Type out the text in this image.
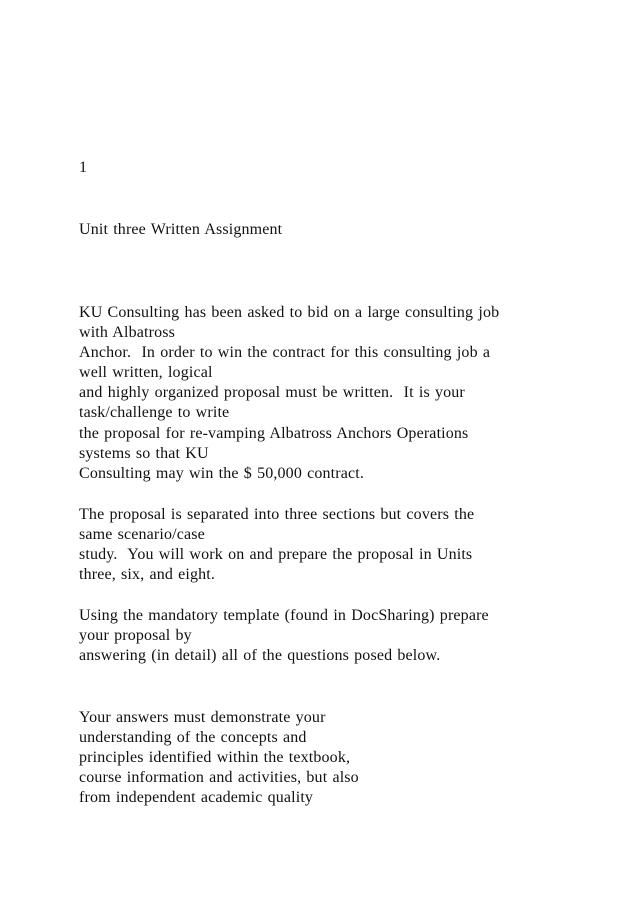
1

Unit three Written Assignment

KU Consulting has been asked to bid on a large consulting job

with Albatross

Anchor.  In order to win the contract for this consulting job a

well written, logical

and highly organized proposal must be written.  It is your

task/challenge to write

the proposal for re-vamping Albatross Anchors Operations

systems so that KU

Consulting may win the $ 50,000 contract.

The proposal is separated into three sections but covers the

same scenario/case

study.  You will work on and prepare the proposal in Units

three, six, and eight.

Using the mandatory template (found in DocSharing) prepare

your proposal by

answering (in detail) all of the questions posed below.

Your answers must demonstrate your

understanding of the concepts and

principles identified within the textbook,

course information and activities, but also

from independent academic quality
